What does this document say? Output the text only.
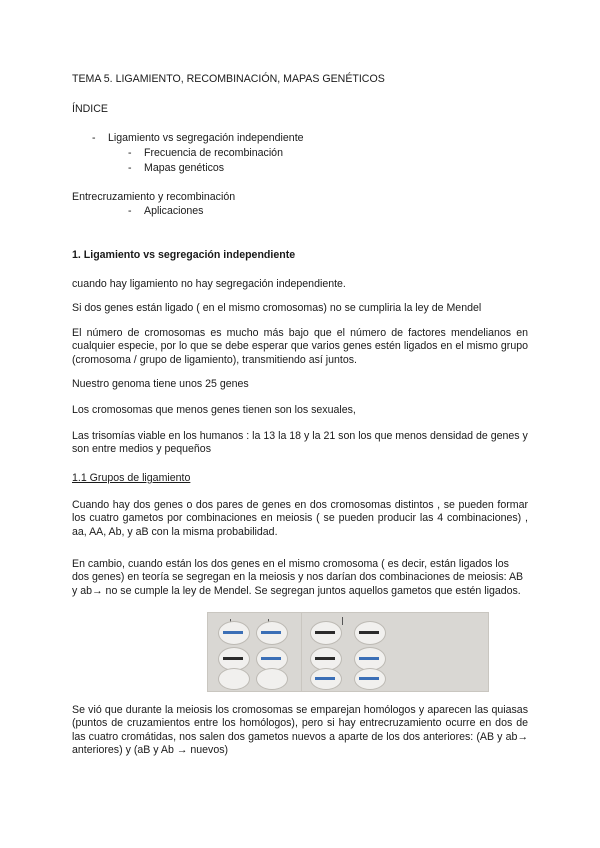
TEMA 5. LIGAMIENTO, RECOMBINACIÓN, MAPAS GENÉTICOS
ÍNDICE
- Ligamiento vs segregación independiente
- Frecuencia de recombinación
- Mapas genéticos
Entrecruzamiento y recombinación
- Aplicaciones
1. Ligamiento vs segregación independiente
cuando hay ligamiento no hay segregación independiente.
Si dos genes están ligado ( en el mismo cromosomas) no se cumpliria la ley de Mendel
El número de cromosomas es mucho más bajo que el número de factores mendelianos en cualquier especie, por lo que se debe esperar que varios genes estén ligados en el mismo grupo (cromosoma / grupo de ligamiento), transmitiendo así juntos.
Nuestro genoma tiene unos 25 genes
Los cromosomas que menos genes tienen son los sexuales,
Las trisomías viable en los humanos : la 13 la 18 y la 21 son los que menos densidad de genes y son entre medios y pequeños
1.1 Grupos de ligamiento
Cuando hay dos genes o dos pares de genes en dos cromosomas distintos , se pueden formar los cuatro gametos por combinaciones en meiosis ( se pueden producir las 4 combinaciones) , aa, AA, Ab, y aB con la misma probabilidad.
En cambio, cuando están los dos genes en el mismo cromosoma ( es decir, están ligados los dos genes) en teoría se segregan en la meiosis y nos darían dos combinaciones de meiosis: AB y ab→ no se cumple la ley de Mendel. Se segregan juntos aquellos gametos que estén ligados.
Se vió que durante la meiosis los cromosomas se emparejan homólogos y aparecen las quiasas (puntos de cruzamientos entre los homólogos), pero si hay entrecruzamiento ocurre en dos de las cuatro cromátidas, nos salen dos gametos nuevos a aparte de los dos anteriores: (AB y ab→ anteriores) y (aB y Ab → nuevos)
